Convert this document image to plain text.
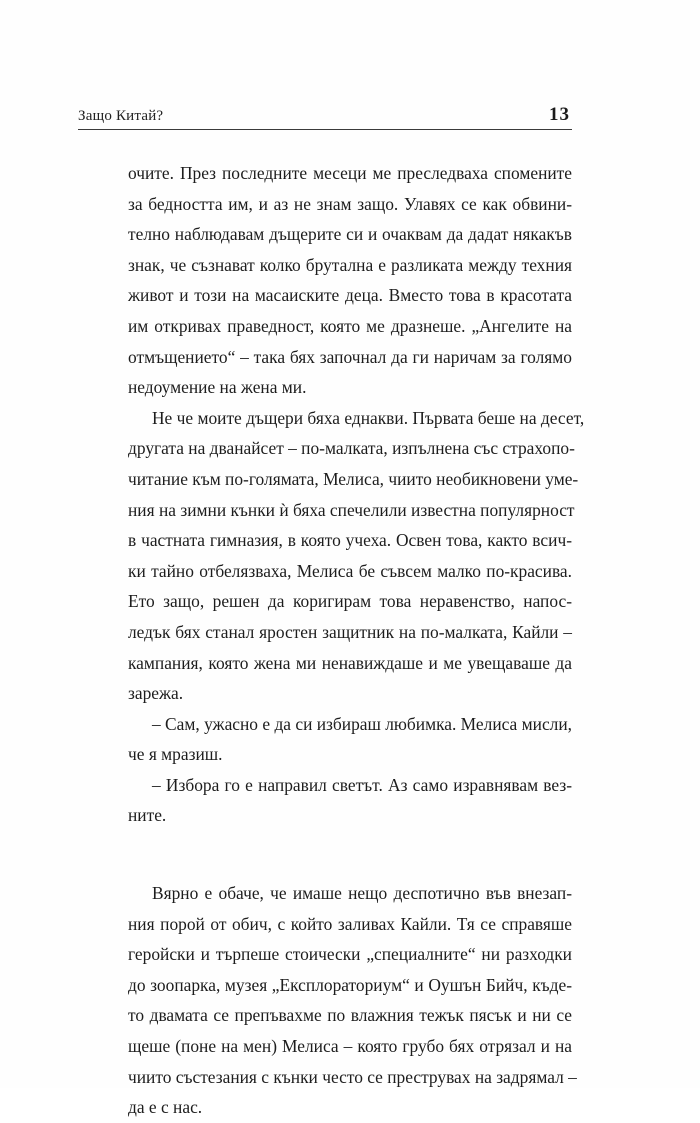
Защо Китай?	13
очите. През последните месеци ме преследваха спомените
за бедността им, и аз не знам защо. Улавях се как обвини-
телно наблюдавам дъщерите си и очаквам да дадат някакъв
знак, че съзнават колко брутална е разликата между техния
живот и този на масаиските деца. Вместо това в красотата
им откривах праведност, която ме дразнеше. „Ангелите на
отмъщението“ – така бях започнал да ги наричам за голямо
недоумение на жена ми.
Не че моите дъщери бяха еднакви. Първата беше на десет,
другата на дванайсет – по-малката, изпълнена със страхопо-
читание към по-голямата, Мелиса, чиито необикновени уме-
ния на зимни кънки ѝ бяха спечелили известна популярност
в частната гимназия, в която учеха. Освен това, както всич-
ки тайно отбелязваха, Мелиса бе съвсем малко по-красива.
Ето защо, решен да коригирам това неравенство, напос-
ледък бях станал яростен защитник на по-малката, Кайли –
кампания, която жена ми ненавиждаше и ме увещаваше да
зарежа.
– Сам, ужасно е да си избираш любимка. Мелиса мисли,
че я мразиш.
– Избора го е направил светът. Аз само изравнявам вез-
ните.
Вярно е обаче, че имаше нещо деспотично във внезап-
ния порой от обич, с който заливах Кайли. Тя се справяше
геройски и търпеше стоически „специалните“ ни разходки
до зоопарка, музея „Експлораториум“ и Оушън Бийч, къде-
то двамата се препъвахме по влажния тежък пясък и ни се
щеше (поне на мен) Мелиса – която грубо бях отрязал и на
чиито състезания с кънки често се преструвах на задрямал –
да е с нас.
